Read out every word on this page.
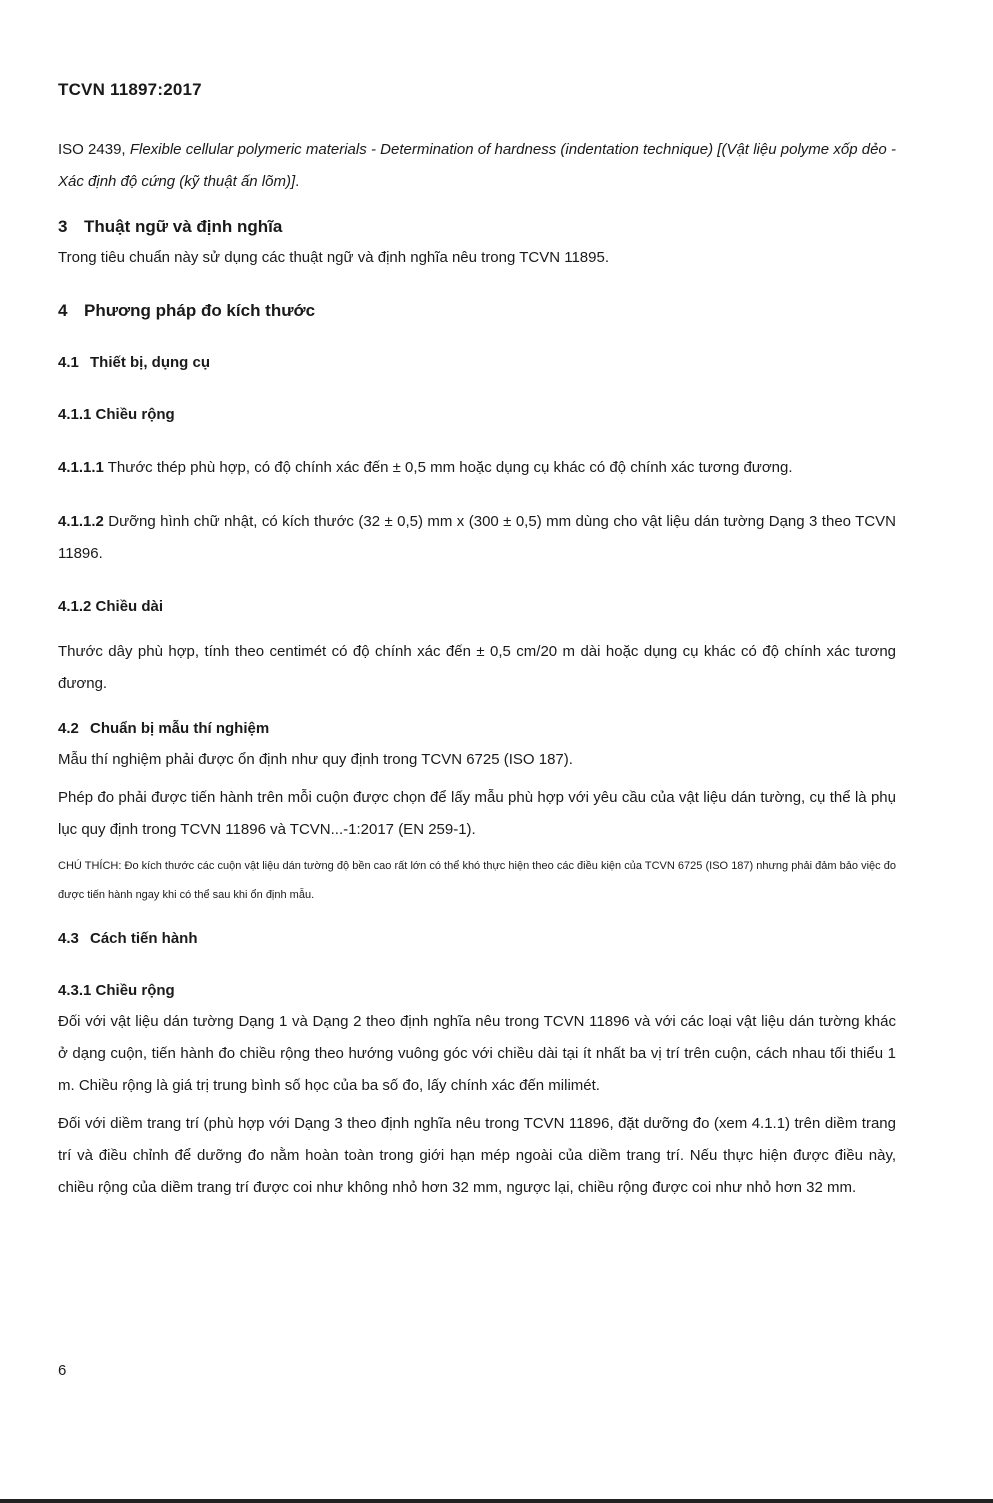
TCVN 11897:2017

ISO 2439, Flexible cellular polymeric materials - Determination of hardness (indentation technique) [(Vật liệu polyme xốp dẻo - Xác định độ cứng (kỹ thuật ấn lõm)].

3 Thuật ngữ và định nghĩa

Trong tiêu chuẩn này sử dụng các thuật ngữ và định nghĩa nêu trong TCVN 11895.

4 Phương pháp đo kích thước
4.1 Thiết bị, dụng cụ
4.1.1 Chiều rộng

4.1.1.1 Thước thép phù hợp, có độ chính xác đến ± 0,5 mm hoặc dụng cụ khác có độ chính xác tương đương.

4.1.1.2 Dưỡng hình chữ nhật, có kích thước (32 ± 0,5) mm x (300 ± 0,5) mm dùng cho vật liệu dán tường Dạng 3 theo TCVN 11896.

4.1.2 Chiều dài

Thước dây phù hợp, tính theo centimét có độ chính xác đến ± 0,5 cm/20 m dài hoặc dụng cụ khác có độ chính xác tương đương.

4.2 Chuẩn bị mẫu thí nghiệm

Mẫu thí nghiệm phải được ổn định như quy định trong TCVN 6725 (ISO 187).

Phép đo phải được tiến hành trên mỗi cuộn được chọn để lấy mẫu phù hợp với yêu cầu của vật liệu dán tường, cụ thể là phụ lục quy định trong TCVN 11896 và TCVN...-1:2017 (EN 259-1).

CHÚ THÍCH: Đo kích thước các cuộn vật liệu dán tường độ bền cao rất lớn có thể khó thực hiện theo các điều kiện của TCVN 6725 (ISO 187) nhưng phải đảm bảo việc đo được tiến hành ngay khi có thể sau khi ổn định mẫu.

4.3 Cách tiến hành
4.3.1 Chiều rộng

Đối với vật liệu dán tường Dạng 1 và Dạng 2 theo định nghĩa nêu trong TCVN 11896 và với các loại vật liệu dán tường khác ở dạng cuộn, tiến hành đo chiều rộng theo hướng vuông góc với chiều dài tại ít nhất ba vị trí trên cuộn, cách nhau tối thiểu 1 m. Chiều rộng là giá trị trung bình số học của ba số đo, lấy chính xác đến milimét.

Đối với diềm trang trí (phù hợp với Dạng 3 theo định nghĩa nêu trong TCVN 11896, đặt dưỡng đo (xem 4.1.1) trên diềm trang trí và điều chỉnh để dưỡng đo nằm hoàn toàn trong giới hạn mép ngoài của diềm trang trí. Nếu thực hiện được điều này, chiều rộng của diềm trang trí được coi như không nhỏ hơn 32 mm, ngược lại, chiều rộng được coi như nhỏ hơn 32 mm.

6
